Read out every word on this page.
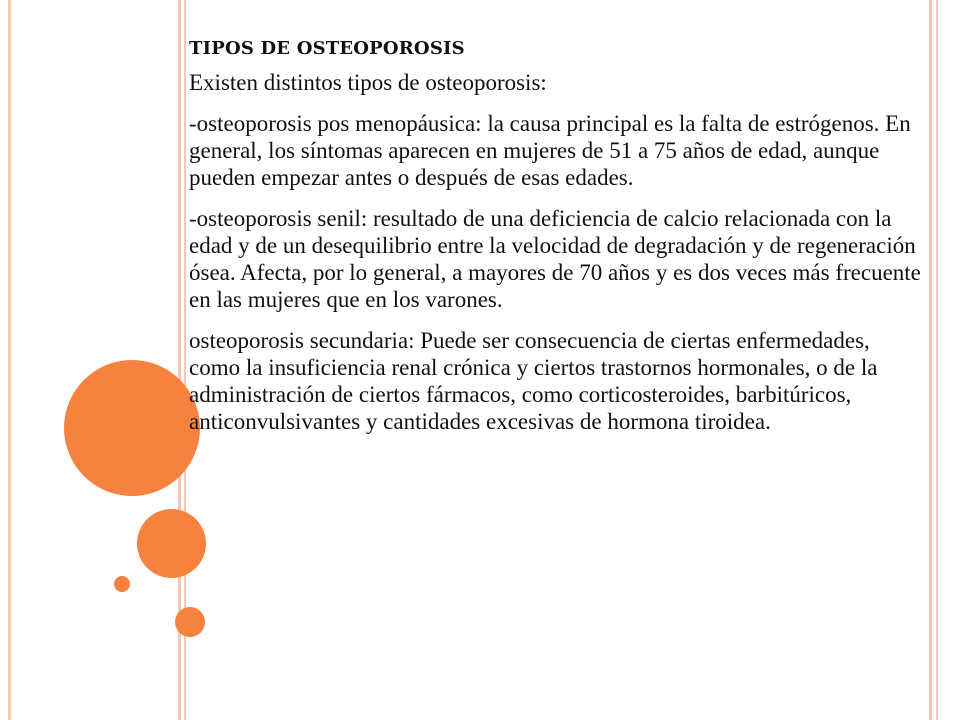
TIPOS DE OSTEOPOROSIS

Existen distintos tipos de osteoporosis:

-osteoporosis pos menopáusica: la causa principal es la falta de estrógenos. En general, los síntomas aparecen en mujeres de 51 a 75 años de edad, aunque pueden empezar antes o después de esas edades.

-osteoporosis senil: resultado de una deficiencia de calcio relacionada con la edad y de un desequilibrio entre la velocidad de degradación y de regeneración ósea. Afecta, por lo general, a mayores de 70 años y es dos veces más frecuente en las mujeres que en los varones.

osteoporosis secundaria: Puede ser consecuencia de ciertas enfermedades, como la insuficiencia renal crónica y ciertos trastornos hormonales, o de la administración de ciertos fármacos, como corticosteroides, barbitúricos, anticonvulsivantes y cantidades excesivas de hormona tiroidea.
